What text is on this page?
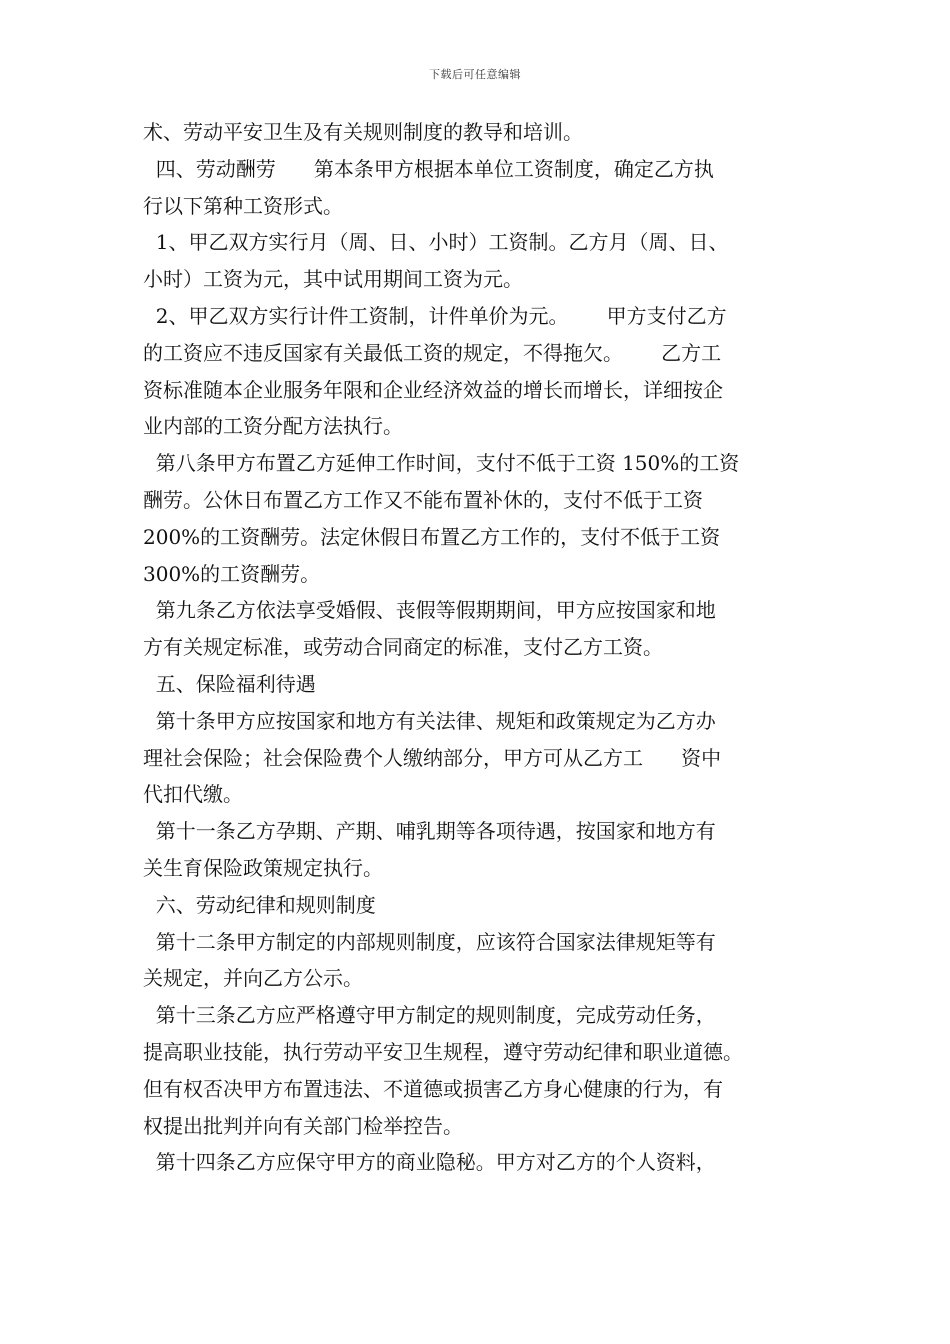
下载后可任意编辑
术、劳动平安卫生及有关规则制度的教导和培训。
四、劳动酬劳      第本条甲方根据本单位工资制度，确定乙方执
行以下第种工资形式。
1、甲乙双方实行月（周、日、小时）工资制。乙方月（周、日、
小时）工资为元，其中试用期间工资为元。
2、甲乙双方实行计件工资制，计件单价为元。      甲方支付乙方
的工资应不违反国家有关最低工资的规定，不得拖欠。      乙方工
资标准随本企业服务年限和企业经济效益的增长而增长，详细按企
业内部的工资分配方法执行。
第八条甲方布置乙方延伸工作时间，支付不低于工资 150%的工资
酬劳。公休日布置乙方工作又不能布置补休的，支付不低于工资
200%的工资酬劳。法定休假日布置乙方工作的，支付不低于工资
300%的工资酬劳。
第九条乙方依法享受婚假、丧假等假期期间，甲方应按国家和地
方有关规定标准，或劳动合同商定的标准，支付乙方工资。
五、保险福利待遇
第十条甲方应按国家和地方有关法律、规矩和政策规定为乙方办
理社会保险；社会保险费个人缴纳部分，甲方可从乙方工      资中
代扣代缴。
第十一条乙方孕期、产期、哺乳期等各项待遇，按国家和地方有
关生育保险政策规定执行。
六、劳动纪律和规则制度
第十二条甲方制定的内部规则制度，应该符合国家法律规矩等有
关规定，并向乙方公示。
第十三条乙方应严格遵守甲方制定的规则制度，完成劳动任务，
提高职业技能，执行劳动平安卫生规程，遵守劳动纪律和职业道德。
但有权否决甲方布置违法、不道德或损害乙方身心健康的行为，有
权提出批判并向有关部门检举控告。
第十四条乙方应保守甲方的商业隐秘。甲方对乙方的个人资料，
